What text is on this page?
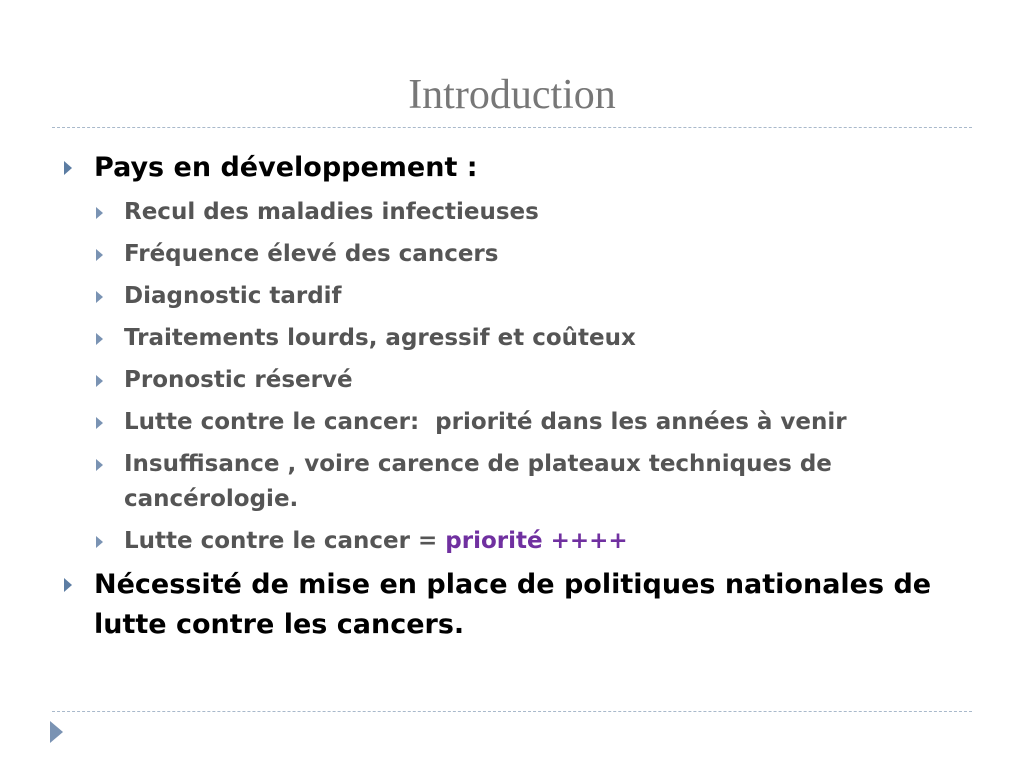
Introduction
Pays en développement :
Recul des maladies infectieuses
Fréquence élevé des cancers
Diagnostic tardif
Traitements lourds, agressif et coûteux
Pronostic réservé
Lutte contre le cancer:  priorité dans les années à venir
Insuffisance , voire carence de plateaux techniques de cancérologie.
Lutte contre le cancer = priorité ++++
Nécessité de mise en place de politiques nationales de lutte contre les cancers.
